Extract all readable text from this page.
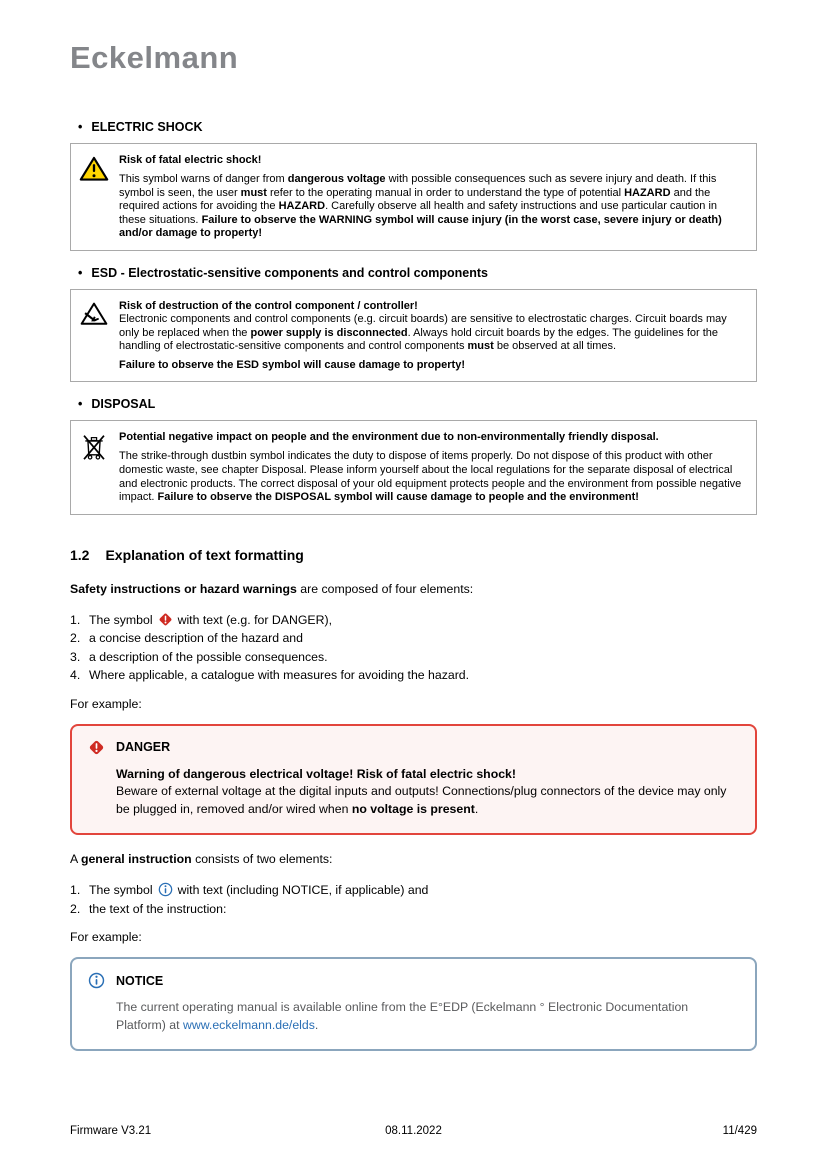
Eckelmann
• ELECTRIC SHOCK
Risk of fatal electric shock!
This symbol warns of danger from dangerous voltage with possible consequences such as severe injury and death. If this symbol is seen, the user must refer to the operating manual in order to understand the type of potential HAZARD and the required actions for avoiding the HAZARD. Carefully observe all health and safety instructions and use particular caution in these situations. Failure to observe the WARNING symbol will cause injury (in the worst case, severe injury or death) and/or damage to property!
• ESD - Electrostatic-sensitive components and control components
Risk of destruction of the control component / controller!
Electronic components and control components (e.g. circuit boards) are sensitive to electrostatic charges. Circuit boards may only be replaced when the power supply is disconnected. Always hold circuit boards by the edges. The guidelines for the handling of electrostatic-sensitive components and control components must be observed at all times.
Failure to observe the ESD symbol will cause damage to property!
• DISPOSAL
Potential negative impact on people and the environment due to non-environmentally friendly disposal.
The strike-through dustbin symbol indicates the duty to dispose of items properly. Do not dispose of this product with other domestic waste, see chapter Disposal. Please inform yourself about the local regulations for the separate disposal of electrical and electronic products. The correct disposal of your old equipment protects people and the environment from possible negative impact. Failure to observe the DISPOSAL symbol will cause damage to people and the environment!
1.2 Explanation of text formatting
Safety instructions or hazard warnings are composed of four elements:
1. The symbol with text (e.g. for DANGER),
2. a concise description of the hazard and
3. a description of the possible consequences.
4. Where applicable, a catalogue with measures for avoiding the hazard.
For example:
DANGER
Warning of dangerous electrical voltage! Risk of fatal electric shock!
Beware of external voltage at the digital inputs and outputs! Connections/plug connectors of the device may only be plugged in, removed and/or wired when no voltage is present.
A general instruction consists of two elements:
1. The symbol with text (including NOTICE, if applicable) and
2. the text of the instruction:
For example:
NOTICE
The current operating manual is available online from the E°EDP (Eckelmann ° Electronic Documentation Platform) at www.eckelmann.de/elds.
Firmware V3.21	08.11.2022	11/429
